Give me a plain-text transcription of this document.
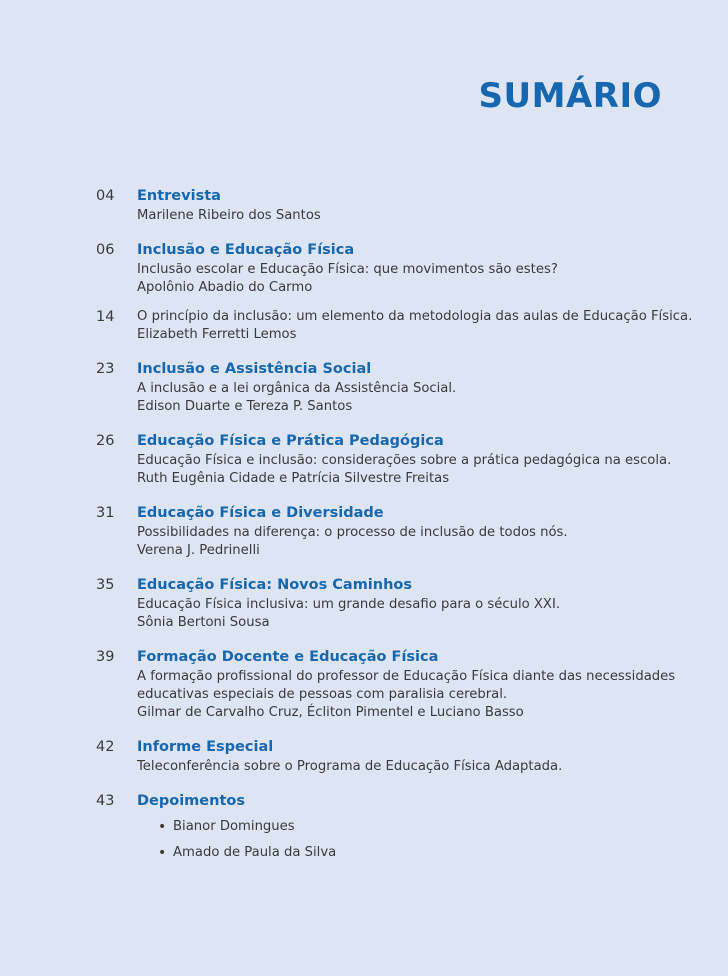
SUMÁRIO
04 Entrevista
Marilene Ribeiro dos Santos
06 Inclusão e Educação Física
Inclusão escolar e Educação Física: que movimentos são estes?
Apolônio Abadio do Carmo
14 O princípio da inclusão: um elemento da metodologia das aulas de Educação Física.
Elizabeth Ferretti Lemos
23 Inclusão e Assistência Social
A inclusão e a lei orgânica da Assistência Social.
Edison Duarte e Tereza P. Santos
26 Educação Física e Prática Pedagógica
Educação Física e inclusão: considerações sobre a prática pedagógica na escola.
Ruth Eugênia Cidade e Patrícia Silvestre Freitas
31 Educação Física e Diversidade
Possibilidades na diferença: o processo de inclusão de todos nós.
Verena J. Pedrinelli
35 Educação Física: Novos Caminhos
Educação Física inclusiva: um grande desafio para o século XXI.
Sônia Bertoni Sousa
39 Formação Docente e Educação Física
A formação profissional do professor de Educação Física diante das necessidades
educativas especiais de pessoas com paralisia cerebral.
Gilmar de Carvalho Cruz, Écliton Pimentel e Luciano Basso
42 Informe Especial
Teleconferência sobre o Programa de Educação Física Adaptada.
43 Depoimentos
• Bianor Domingues
• Amado de Paula da Silva
